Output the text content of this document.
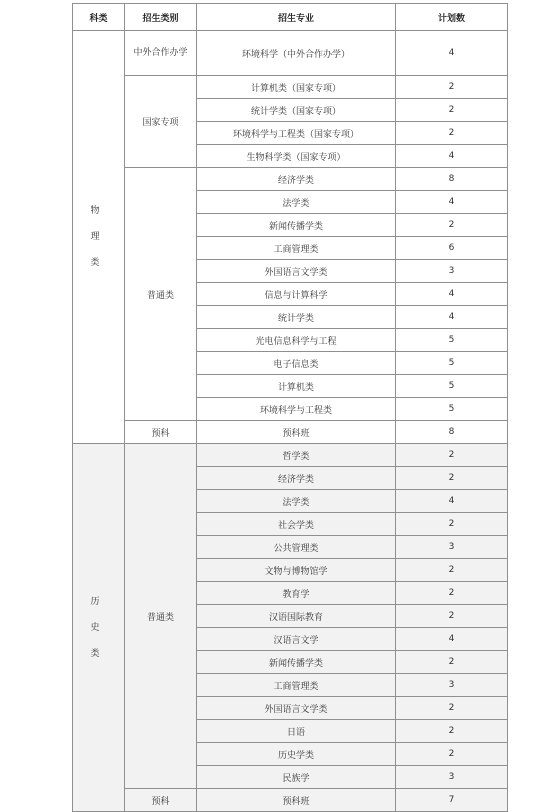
科类	招生类别	招生专业	计划数
物理类	中外合作办学	环境科学（中外合作办学）	4
	国家专项	计算机类（国家专项）	2
		统计学类（国家专项）	2
		环境科学与工程类（国家专项）	2
		生物科学类（国家专项）	4
	普通类	经济学类	8
		法学类	4
		新闻传播学类	2
		工商管理类	6
		外国语言文学类	3
		信息与计算科学	4
		统计学类	4
		光电信息科学与工程	5
		电子信息类	5
		计算机类	5
		环境科学与工程类	5
	预科	预科班	8
历史类	普通类	哲学类	2
		经济学类	2
		法学类	4
		社会学类	2
		公共管理类	3
		文物与博物馆学	2
		教育学	2
		汉语国际教育	2
		汉语言文学	4
		新闻传播学类	2
		工商管理类	3
		外国语言文学类	2
		日语	2
		历史学类	2
		民族学	3
	预科	预科班	7
